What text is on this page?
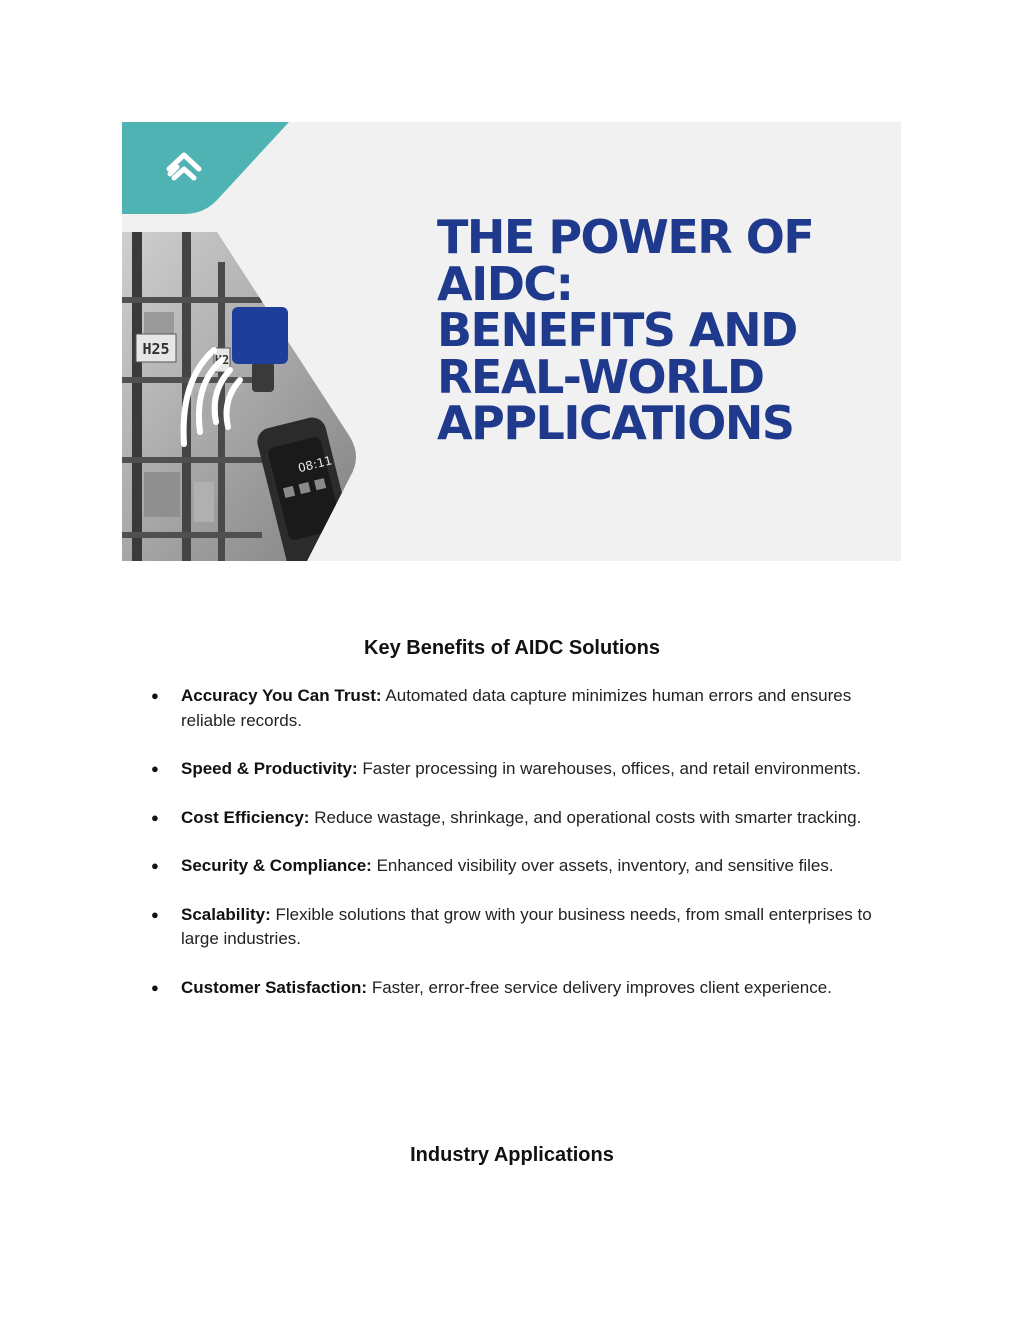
H25
H2
08:11
THE POWER OF
AIDC:
BENEFITS AND
REAL-WORLD
APPLICATIONS
Key Benefits of AIDC Solutions
● Accuracy You Can Trust: Automated data capture minimizes human errors and ensures reliable records.
● Speed & Productivity: Faster processing in warehouses, offices, and retail environments.
● Cost Efficiency: Reduce wastage, shrinkage, and operational costs with smarter tracking.
● Security & Compliance: Enhanced visibility over assets, inventory, and sensitive files.
● Scalability: Flexible solutions that grow with your business needs, from small enterprises to large industries.
● Customer Satisfaction: Faster, error-free service delivery improves client experience.
Industry Applications
